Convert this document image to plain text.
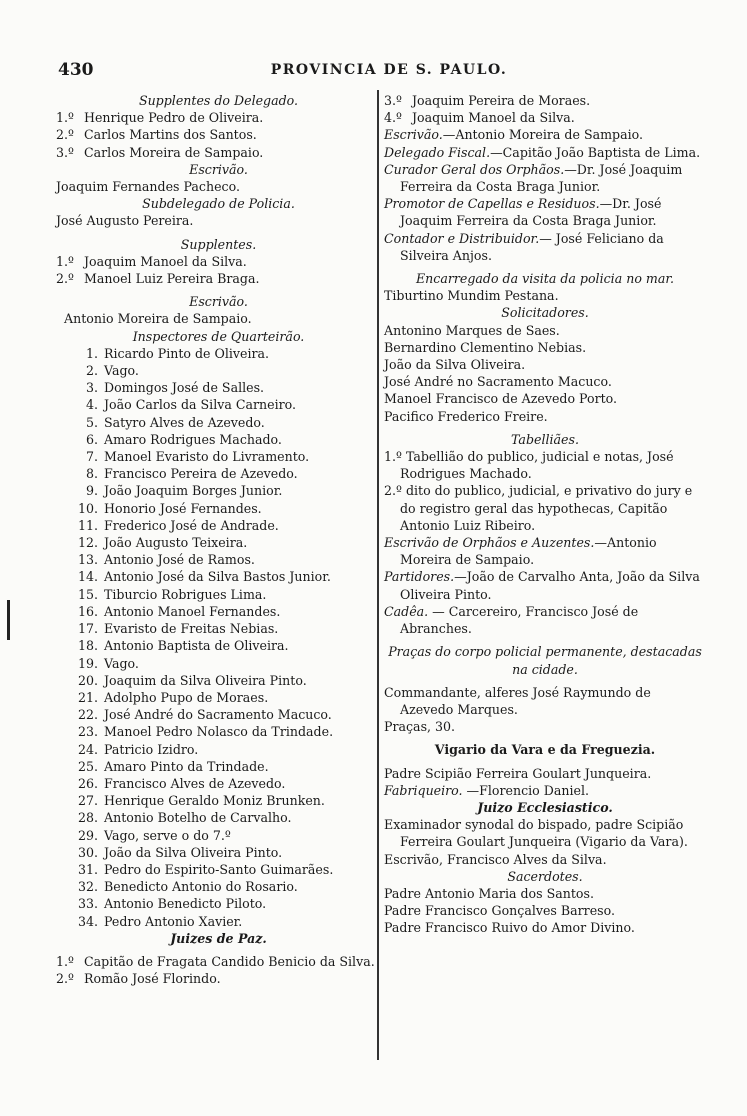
430	PROVINCIA DE S. PAULO.
Supplentes do Delegado.
1.º Henrique Pedro de Oliveira.
2.º Carlos Martins dos Santos.
3.º Carlos Moreira de Sampaio.
Escrivão.
Joaquim Fernandes Pacheco.
Subdelegado de Policia.
José Augusto Pereira.
Supplentes.
1.º Joaquim Manoel da Silva.
2.º Manoel Luiz Pereira Braga.
Escrivão.
Antonio Moreira de Sampaio.
Inspectores de Quarteirão.
1. Ricardo Pinto de Oliveira.
2. Vago.
3. Domingos José de Salles.
4. João Carlos da Silva Carneiro.
5. Satyro Alves de Azevedo.
6. Amaro Rodrigues Machado.
7. Manoel Evaristo do Livramento.
8. Francisco Pereira de Azevedo.
9. João Joaquim Borges Junior.
10. Honorio José Fernandes.
11. Frederico José de Andrade.
12. João Augusto Teixeira.
13. Antonio José de Ramos.
14. Antonio José da Silva Bastos Junior.
15. Tiburcio Robrigues Lima.
16. Antonio Manoel Fernandes.
17. Evaristo de Freitas Nebias.
18. Antonio Baptista de Oliveira.
19. Vago.
20. Joaquim da Silva Oliveira Pinto.
21. Adolpho Pupo de Moraes.
22. José André do Sacramento Macuco.
23. Manoel Pedro Nolasco da Trindade.
24. Patricio Izidro.
25. Amaro Pinto da Trindade.
26. Francisco Alves de Azevedo.
27. Henrique Geraldo Moniz Brunken.
28. Antonio Botelho de Carvalho.
29. Vago, serve o do 7.º
30. João da Silva Oliveira Pinto.
31. Pedro do Espirito-Santo Guimarães.
32. Benedicto Antonio do Rosario.
33. Antonio Benedicto Piloto.
34. Pedro Antonio Xavier.
Juizes de Paz.
1.º Capitão de Fragata Candido Benicio da Silva.
2.º Romão José Florindo.
3.º Joaquim Pereira de Moraes.
4.º Joaquim Manoel da Silva.
Escrivão.—Antonio Moreira de Sampaio.
Delegado Fiscal.—Capitão João Baptista de Lima.
Curador Geral dos Orphãos.—Dr. José Joaquim Ferreira da Costa Braga Junior.
Promotor de Capellas e Residuos.—Dr. José Joaquim Ferreira da Costa Braga Junior.
Contador e Distribuidor.— José Feliciano da Silveira Anjos.
Encarregado da visita da policia no mar.
Tiburtino Mundim Pestana.
Solicitadores.
Antonino Marques de Saes.
Bernardino Clementino Nebias.
João da Silva Oliveira.
José André no Sacramento Macuco.
Manoel Francisco de Azevedo Porto.
Pacifico Frederico Freire.
Tabelliães.
1.º Tabellião do publico, judicial e notas, José Rodrigues Machado.
2.º dito do publico, judicial, e privativo do jury e do registro geral das hypothecas, Capitão Antonio Luiz Ribeiro.
Escrivão de Orphãos e Auzentes.—Antonio Moreira de Sampaio.
Partidores.—João de Carvalho Anta, João da Silva Oliveira Pinto.
Cadêa. — Carcereiro, Francisco José de Abranches.
Praças do corpo policial permanente, destacadas na cidade.
Commandante, alferes José Raymundo de Azevedo Marques.
Praças, 30.
Vigario da Vara e da Freguezia.
Padre Scipião Ferreira Goulart Junqueira.
Fabriqueiro. —Florencio Daniel.
Juizo Ecclesiastico.
Examinador synodal do bispado, padre Scipião Ferreira Goulart Junqueira (Vigario da Vara).
Escrivão, Francisco Alves da Silva.
Sacerdotes.
Padre Antonio Maria dos Santos.
Padre Francisco Gonçalves Barreso.
Padre Francisco Ruivo do Amor Divino.
